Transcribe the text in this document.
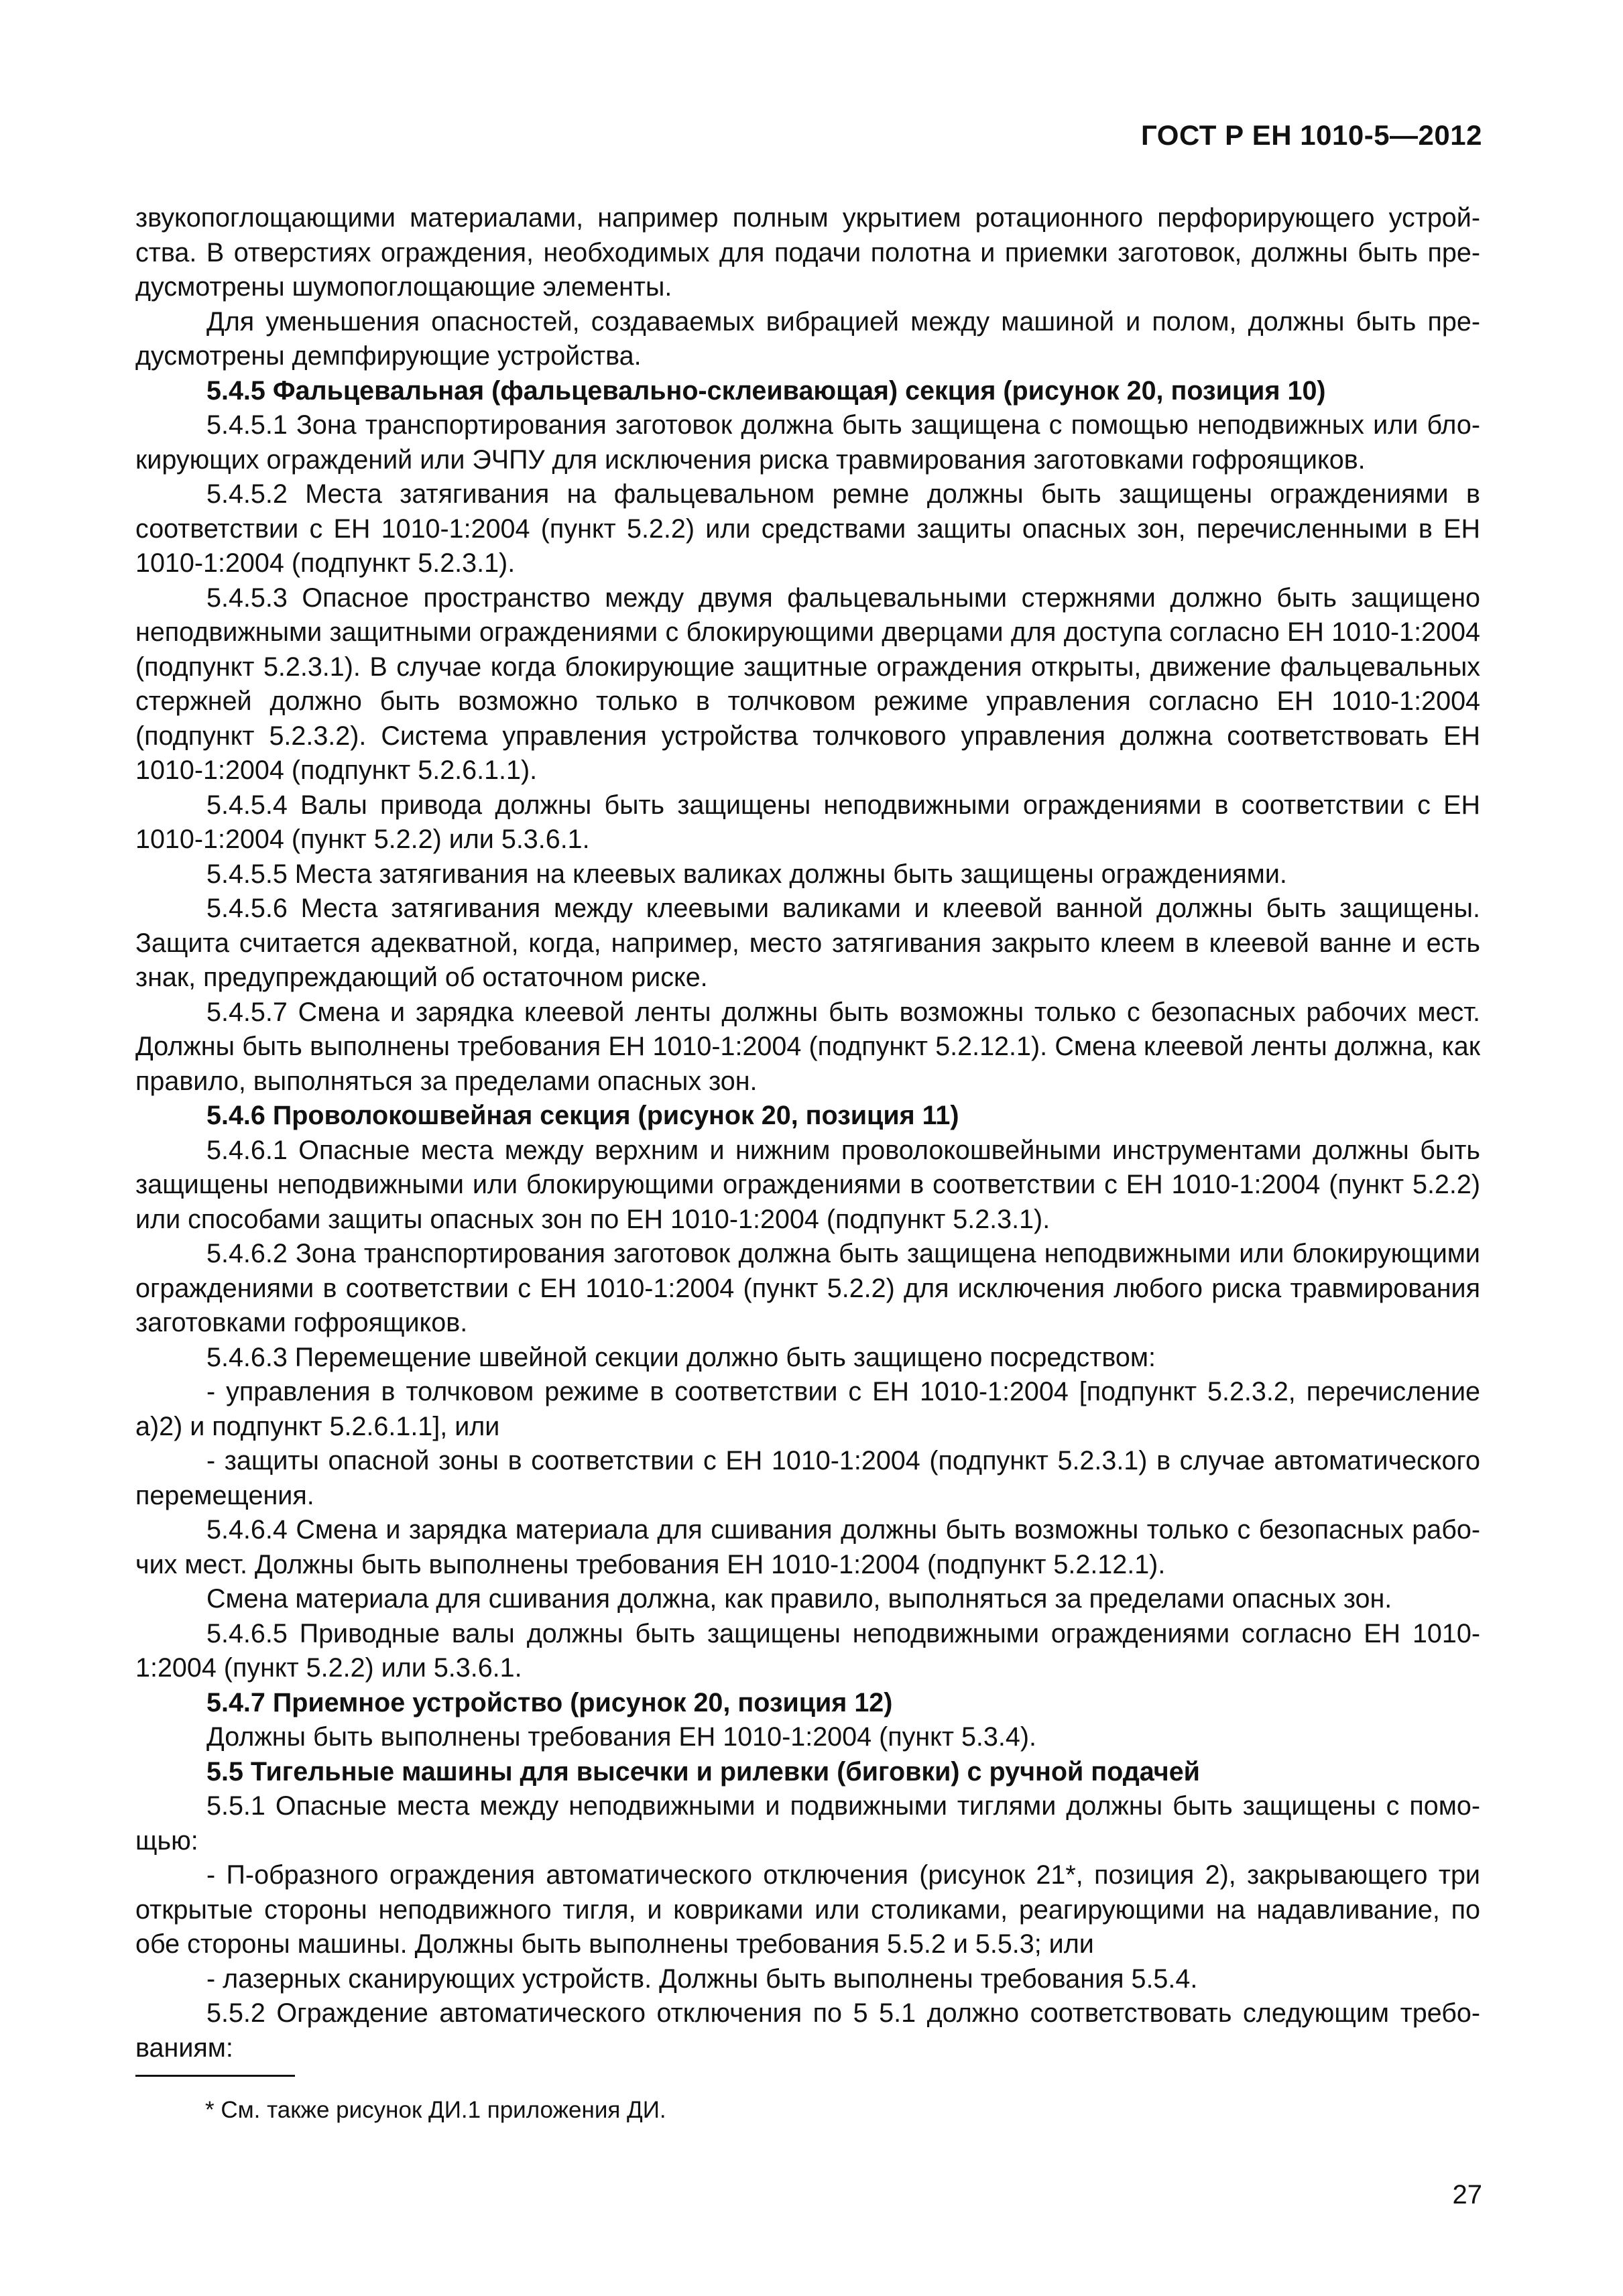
ГОСТ Р ЕН 1010-5—2012

звукопоглощающими материалами, например полным укрытием ротационного перфорирующего устройства. В отверстиях ограждения, необходимых для подачи полотна и приемки заготовок, должны быть предусмотрены шумопоглощающие элементы.

Для уменьшения опасностей, создаваемых вибрацией между машиной и полом, должны быть предусмотрены демпфирующие устройства.

5.4.5 Фальцевальная (фальцевально-склеивающая) секция (рисунок 20, позиция 10)

5.4.5.1 Зона транспортирования заготовок должна быть защищена с помощью неподвижных или блокирующих ограждений или ЭЧПУ для исключения риска травмирования заготовками гофроящиков.

5.4.5.2 Места затягивания на фальцевальном ремне должны быть защищены ограждениями в соответствии с ЕН 1010-1:2004 (пункт 5.2.2) или средствами защиты опасных зон, перечисленными в ЕН 1010-1:2004 (подпункт 5.2.3.1).

5.4.5.3 Опасное пространство между двумя фальцевальными стержнями должно быть защищено неподвижными защитными ограждениями с блокирующими дверцами для доступа согласно ЕН 1010-1:2004 (подпункт 5.2.3.1). В случае когда блокирующие защитные ограждения открыты, движение фальцевальных стержней должно быть возможно только в толчковом режиме управления согласно ЕН 1010-1:2004 (подпункт 5.2.3.2). Система управления устройства толчкового управления должна соответствовать ЕН 1010-1:2004 (подпункт 5.2.6.1.1).

5.4.5.4 Валы привода должны быть защищены неподвижными ограждениями в соответствии с ЕН 1010-1:2004 (пункт 5.2.2) или 5.3.6.1.

5.4.5.5 Места затягивания на клеевых валиках должны быть защищены ограждениями.

5.4.5.6 Места затягивания между клеевыми валиками и клеевой ванной должны быть защищены. Защита считается адекватной, когда, например, место затягивания закрыто клеем в клеевой ванне и есть знак, предупреждающий об остаточном риске.

5.4.5.7 Смена и зарядка клеевой ленты должны быть возможны только с безопасных рабочих мест. Должны быть выполнены требования ЕН 1010-1:2004 (подпункт 5.2.12.1). Смена клеевой ленты должна, как правило, выполняться за пределами опасных зон.

5.4.6 Проволокошвейная секция (рисунок 20, позиция 11)

5.4.6.1 Опасные места между верхним и нижним проволокошвейными инструментами должны быть защищены неподвижными или блокирующими ограждениями в соответствии с ЕН 1010-1:2004 (пункт 5.2.2) или способами защиты опасных зон по ЕН 1010-1:2004 (подпункт 5.2.3.1).

5.4.6.2 Зона транспортирования заготовок должна быть защищена неподвижными или блокирующими ограждениями в соответствии с ЕН 1010-1:2004 (пункт 5.2.2) для исключения любого риска травмирования заготовками гофроящиков.

5.4.6.3 Перемещение швейной секции должно быть защищено посредством:

- управления в толчковом режиме в соответствии с ЕН 1010-1:2004 [подпункт 5.2.3.2, перечисление а)2) и подпункт 5.2.6.1.1], или

- защиты опасной зоны в соответствии с ЕН 1010-1:2004 (подпункт 5.2.3.1) в случае автоматического перемещения.

5.4.6.4 Смена и зарядка материала для сшивания должны быть возможны только с безопасных рабочих мест. Должны быть выполнены требования ЕН 1010-1:2004 (подпункт 5.2.12.1).

Смена материала для сшивания должна, как правило, выполняться за пределами опасных зон.

5.4.6.5 Приводные валы должны быть защищены неподвижными ограждениями согласно ЕН 1010-1:2004 (пункт 5.2.2) или 5.3.6.1.

5.4.7 Приемное устройство (рисунок 20, позиция 12)

Должны быть выполнены требования ЕН 1010-1:2004 (пункт 5.3.4).

5.5 Тигельные машины для высечки и рилевки (биговки) с ручной подачей

5.5.1 Опасные места между неподвижными и подвижными тиглями должны быть защищены с помощью:

- П-образного ограждения автоматического отключения (рисунок 21*, позиция 2), закрывающего три открытые стороны неподвижного тигля, и ковриками или столиками, реагирующими на надавливание, по обе стороны машины. Должны быть выполнены требования 5.5.2 и 5.5.3; или

- лазерных сканирующих устройств. Должны быть выполнены требования 5.5.4.

5.5.2 Ограждение автоматического отключения по 5 5.1 должно соответствовать следующим требованиям:

* См. также рисунок ДИ.1 приложения ДИ.
27
